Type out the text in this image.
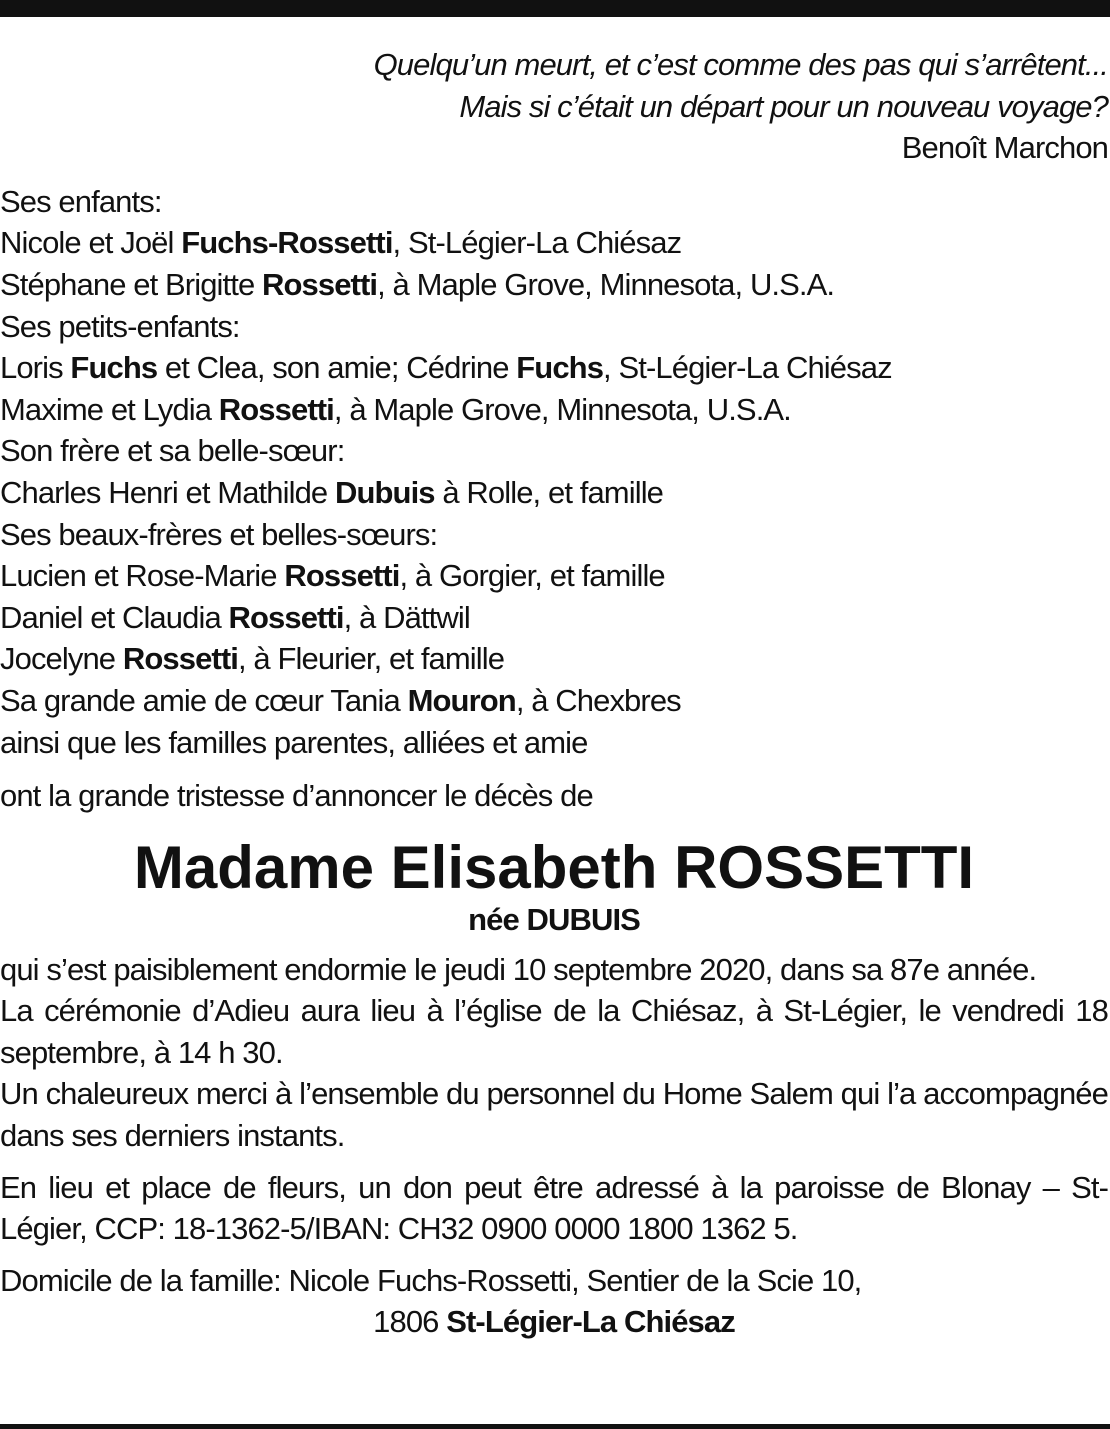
Quelqu’un meurt, et c’est comme des pas qui s’arrêtent...
Mais si c’était un départ pour un nouveau voyage?
Benoît Marchon
Ses enfants:
Nicole et Joël Fuchs-Rossetti, St-Légier-La Chiésaz
Stéphane et Brigitte Rossetti, à Maple Grove, Minnesota, U.S.A.
Ses petits-enfants:
Loris Fuchs et Clea, son amie; Cédrine Fuchs, St-Légier-La Chiésaz
Maxime et Lydia Rossetti, à Maple Grove, Minnesota, U.S.A.
Son frère et sa belle-sœur:
Charles Henri et Mathilde Dubuis à Rolle, et famille
Ses beaux-frères et belles-sœurs:
Lucien et Rose-Marie Rossetti, à Gorgier, et famille
Daniel et Claudia Rossetti, à Dättwil
Jocelyne Rossetti, à Fleurier, et famille
Sa grande amie de cœur Tania Mouron, à Chexbres
ainsi que les familles parentes, alliées et amie
ont la grande tristesse d’annoncer le décès de
Madame Elisabeth ROSSETTI
née DUBUIS

qui s’est paisiblement endormie le jeudi 10 septembre 2020, dans sa 87e année.

La cérémonie d’Adieu aura lieu à l’église de la Chiésaz, à St-Légier, le vendredi 18 septembre, à 14 h 30.

Un chaleureux merci à l’ensemble du personnel du Home Salem qui l’a accompagnée dans ses derniers instants.

En lieu et place de fleurs, un don peut être adressé à la paroisse de Blonay – St-Légier, CCP: 18-1362-5/IBAN: CH32 0900 0000 1800 1362 5.

Domicile de la famille: Nicole Fuchs-Rossetti, Sentier de la Scie 10,

1806 St-Légier-La Chiésaz
